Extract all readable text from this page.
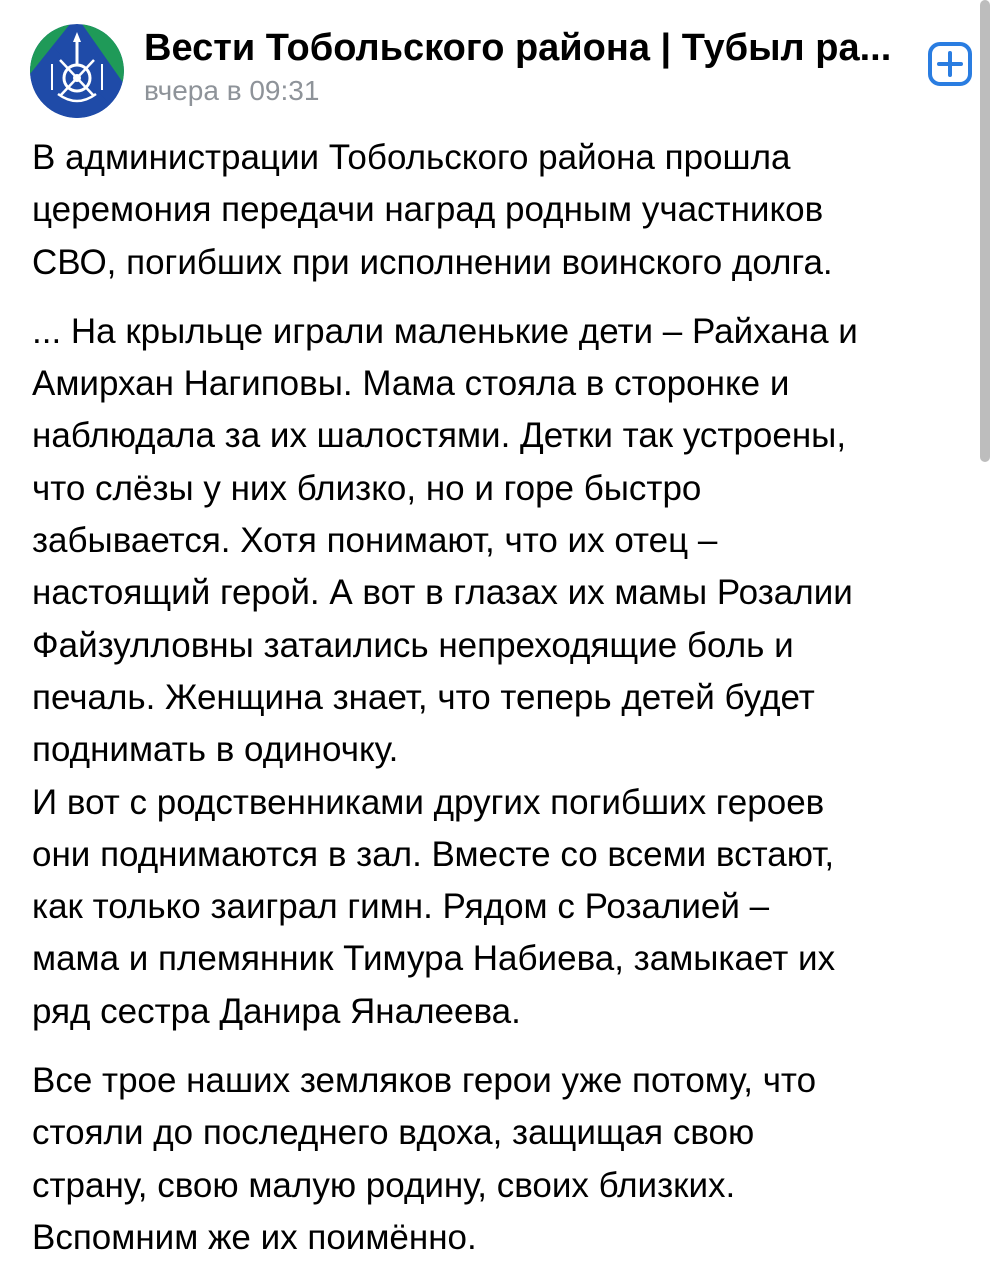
Вести Тобольского района | Тубыл ра...
вчера в 09:31

В администрации Тобольского района прошла
церемония передачи наград родным участников
СВО, погибших при исполнении воинского долга.

... На крыльце играли маленькие дети – Райхана и
Амирхан Нагиповы. Мама стояла в сторонке и
наблюдала за их шалостями. Детки так устроены,
что слёзы у них близко, но и горе быстро
забывается. Хотя понимают, что их отец –
настоящий герой. А вот в глазах их мамы Розалии
Файзулловны затаились непреходящие боль и
печаль. Женщина знает, что теперь детей будет
поднимать в одиночку.
И вот с родственниками других погибших героев
они поднимаются в зал. Вместе со всеми встают,
как только заиграл гимн. Рядом с Розалией –
мама и племянник Тимура Набиева, замыкает их
ряд сестра Данира Яналеева.

Все трое наших земляков герои уже потому, что
стояли до последнего вдоха, защищая свою
страну, свою малую родину, своих близких.
Вспомним же их поимённо.
